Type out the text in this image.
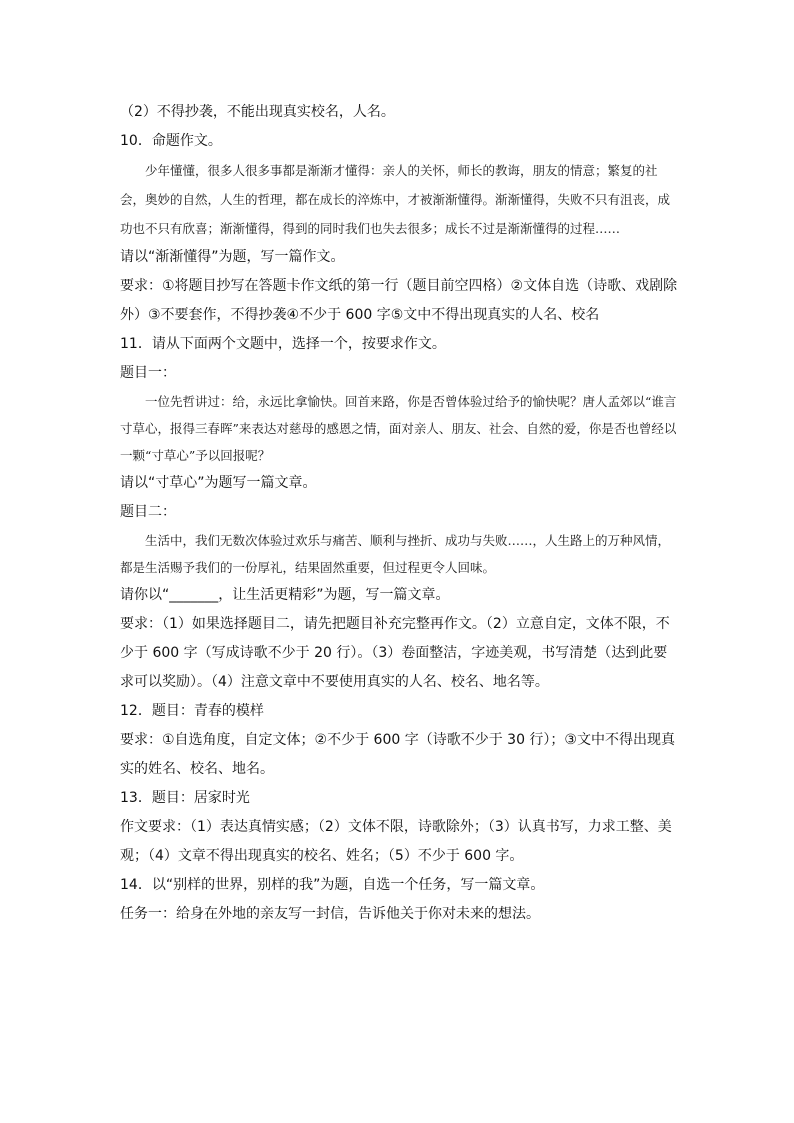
（2）不得抄袭，不能出现真实校名，人名。
10．命题作文。
少年懂懂，很多人很多事都是渐渐才懂得：亲人的关怀，师长的教诲，朋友的情意；繁复的社会，奥妙的自然，人生的哲理，都在成长的淬炼中，才被渐渐懂得。渐渐懂得，失败不只有沮丧，成功也不只有欣喜；渐渐懂得，得到的同时我们也失去很多；成长不过是渐渐懂得的过程……
请以“渐渐懂得”为题，写一篇作文。
要求：①将题目抄写在答题卡作文纸的第一行（题目前空四格）②文体自选（诗歌、戏剧除外）③不要套作，不得抄袭④不少于 600 字⑤文中不得出现真实的人名、校名
11．请从下面两个文题中，选择一个，按要求作文。
题目一：
一位先哲讲过：给，永远比拿愉快。回首来路，你是否曾体验过给予的愉快呢？唐人孟郊以“谁言寸草心，报得三春晖”来表达对慈母的感恩之情，面对亲人、朋友、社会、自然的爱，你是否也曾经以一颗“寸草心”予以回报呢？
请以“寸草心”为题写一篇文章。
题目二：
生活中，我们无数次体验过欢乐与痛苦、顺利与挫折、成功与失败……，人生路上的万种风情，都是生活赐予我们的一份厚礼，结果固然重要，但过程更令人回味。
请你以“_______，让生活更精彩”为题，写一篇文章。
要求：（1）如果选择题目二，请先把题目补充完整再作文。（2）立意自定，文体不限，不少于 600 字（写成诗歌不少于 20 行）。（3）卷面整洁，字迹美观，书写清楚（达到此要求可以奖励）。（4）注意文章中不要使用真实的人名、校名、地名等。
12．题目：青春的模样
要求：①自选角度，自定文体；②不少于 600 字（诗歌不少于 30 行）；③文中不得出现真实的姓名、校名、地名。
13．题目：居家时光
作文要求：（1）表达真情实感；（2）文体不限，诗歌除外；（3）认真书写，力求工整、美观；（4）文章不得出现真实的校名、姓名；（5）不少于 600 字。
14．以“别样的世界，别样的我”为题，自选一个任务，写一篇文章。
任务一：给身在外地的亲友写一封信，告诉他关于你对未来的想法。
